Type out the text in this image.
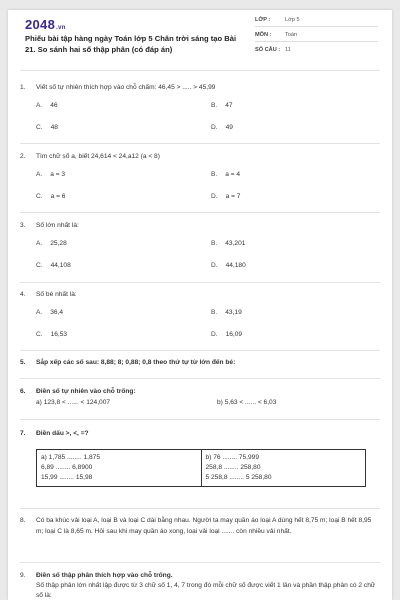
2048.vn
Phiếu bài tập hàng ngày Toán lớp 5 Chân trời sáng tạo Bài 21. So sánh hai số thập phân (có đáp án)
LỚP :	Lớp 5
MÔN : Toán
SỐ CÂU : 11
1. Viết số tự nhiên thích hợp vào chỗ chấm: 46,45 > ..... > 45,99
A. 46	B. 47
C. 48	D. 49
2. Tìm chữ số a, biết 24,614 < 24,a12 (a < 8)
A. a = 3	B. a = 4
C. a = 6	D. a = 7
3. Số lớn nhất là:
A. 25,28	B. 43,201
C. 44,108	D. 44,180
4. Số bé nhất là:
A. 36,4	B. 43,19
C. 16,53	D. 16,09
5. Sắp xếp các số sau: 8,88; 8; 0,88; 0,8 theo thứ tự từ lớn đến bé:
6. Điền số tự nhiên vào chỗ trống:
a) 123,8 < ...... < 124,007	b) 5,63 < ...... < 6,03
7. Điền dấu >, <, =?
a) 1,785 ........ 1,875
6,89 ........ 6,8900
15,99 ........ 15,98

b) 76 ........ 75,999
258,8 ........ 258,80
5 258,8 ........ 5 258,80
8. Có ba khúc vải loại A, loại B và loại C dài bằng nhau. Người ta may quần áo loại A dùng hết 8,75 m; loại B hết 8,95 m; loại C là 8,65 m. Hỏi sau khi may quần áo xong, loại vải loại ....... còn nhiều vải nhất.
9. Điền số thập phân thích hợp vào chỗ trống.
Số thập phân lớn nhất lập được từ 3 chữ số 1, 4, 7 trong đó mỗi chữ số được viết 1 lần và phần thập phân có 2 chữ số là:
